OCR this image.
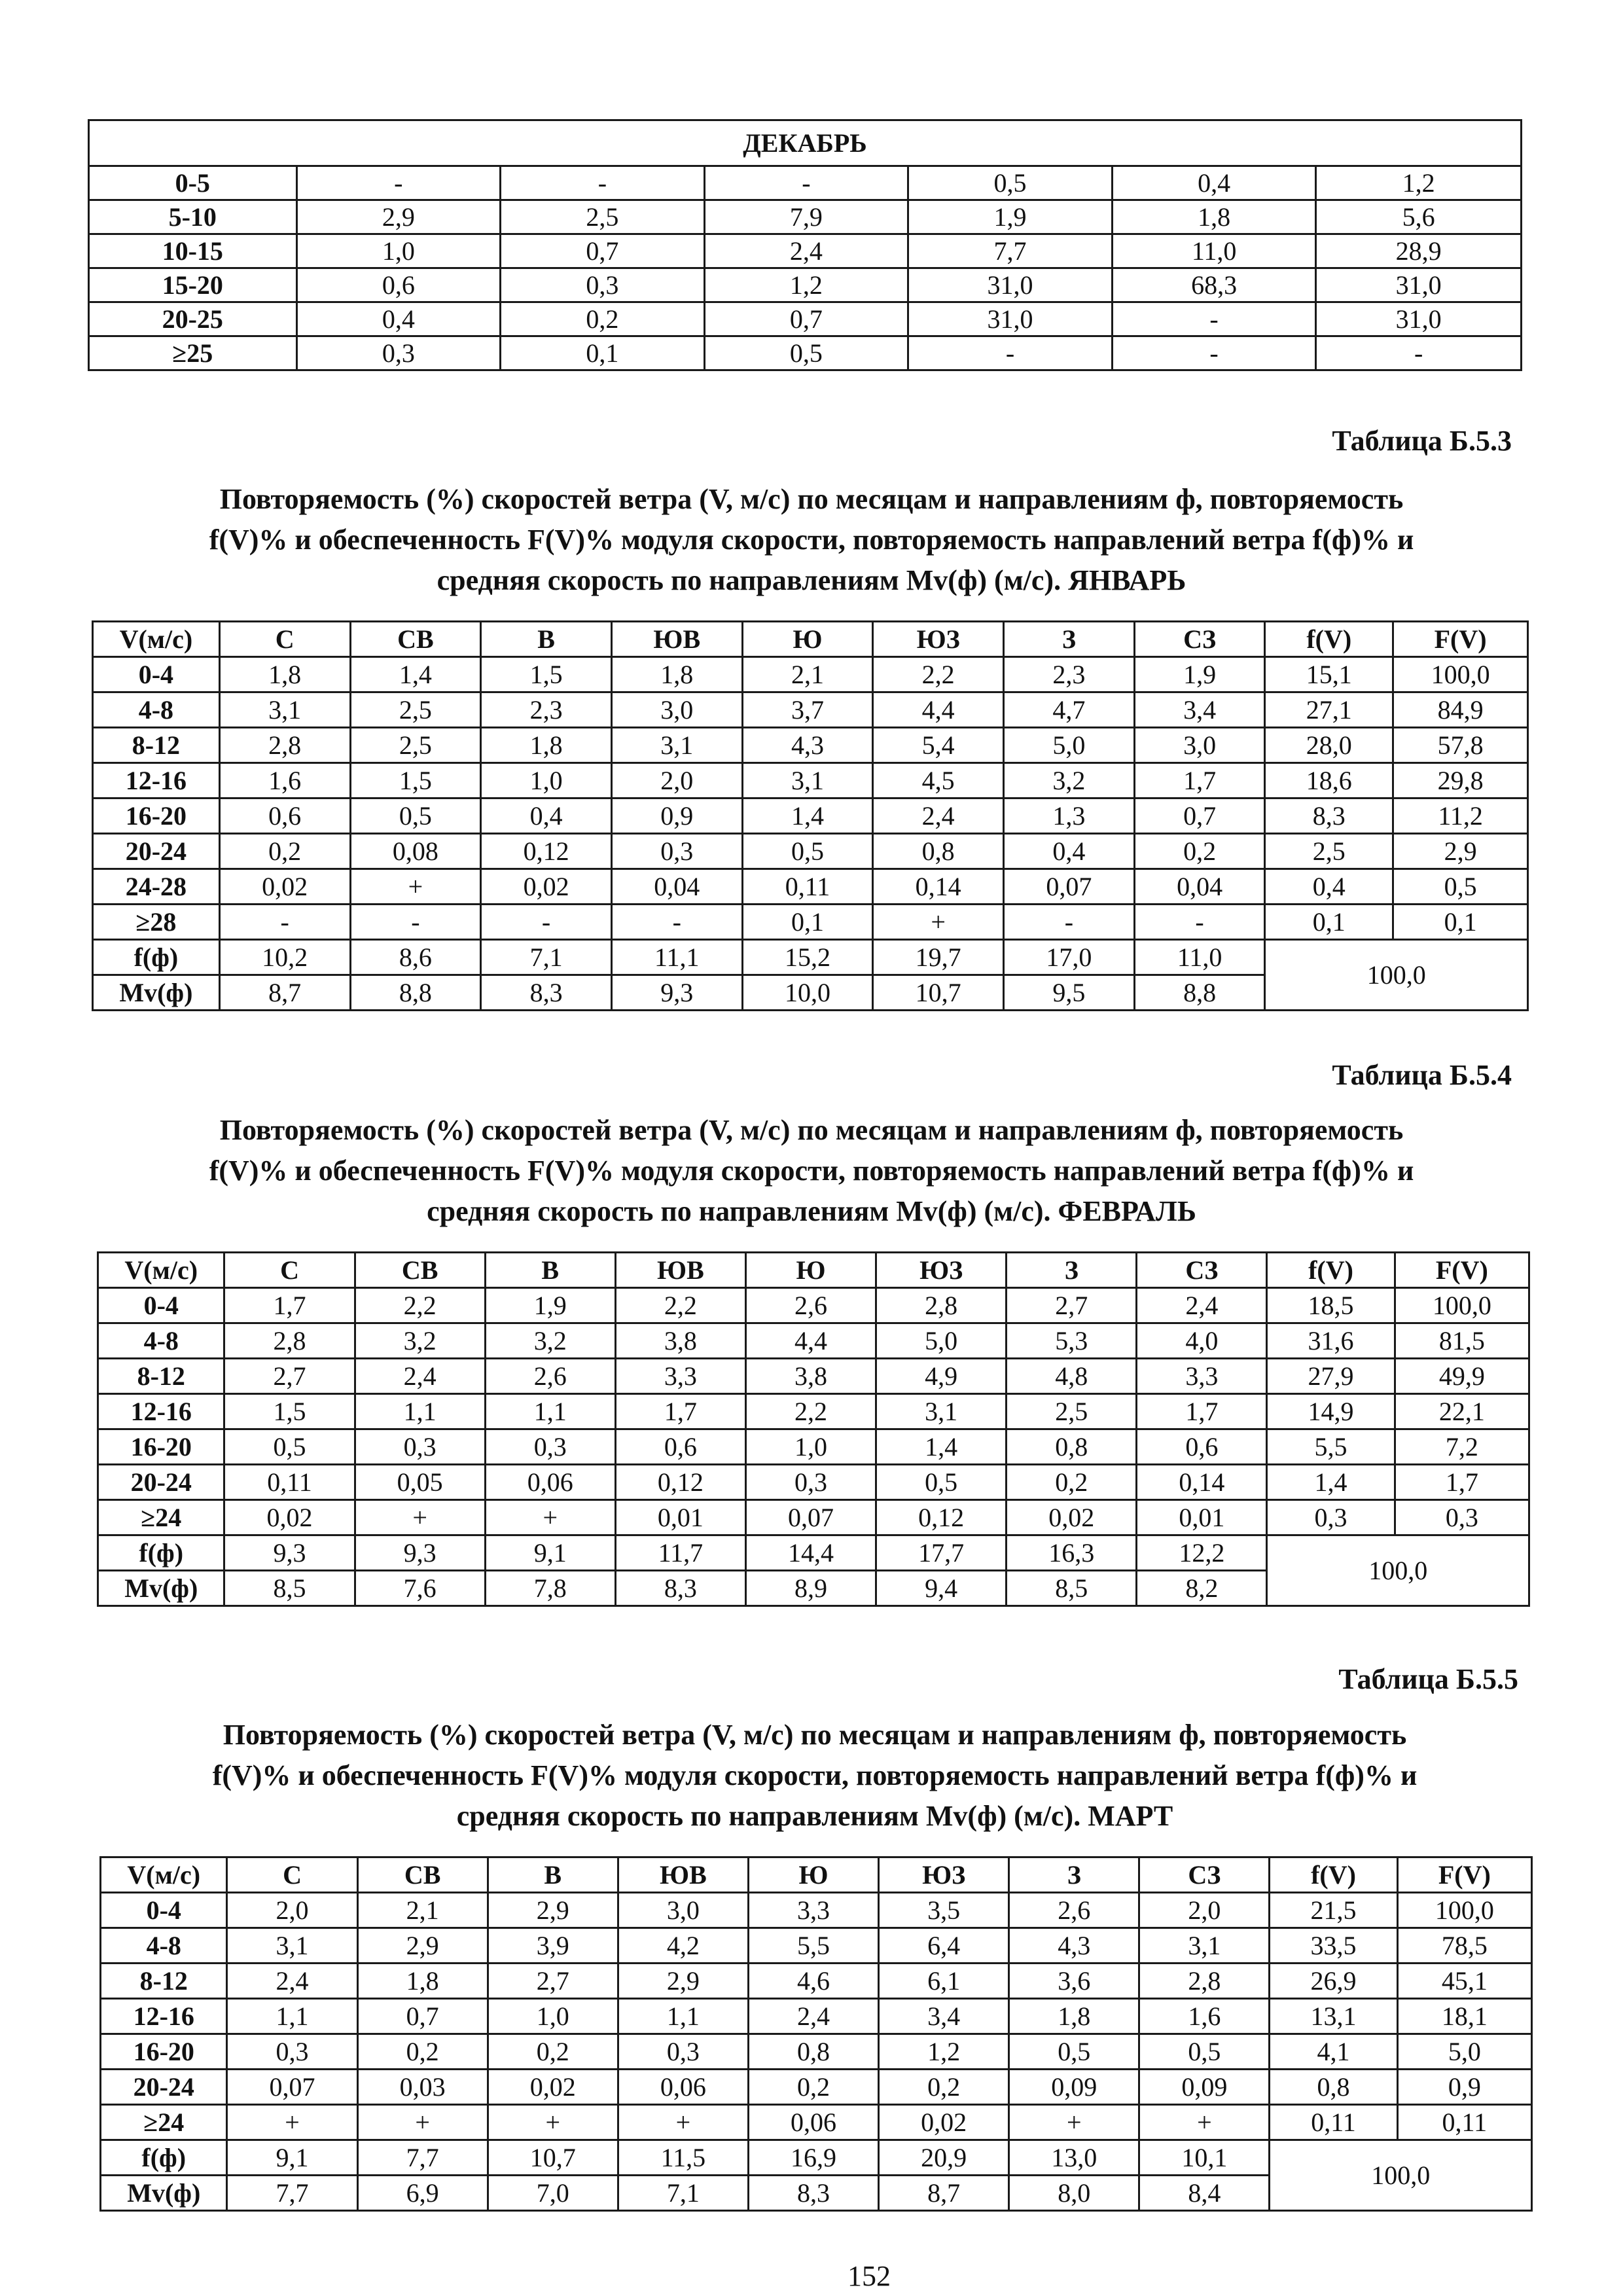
ДЕКАБРЬ						
0-5	-	-	-	0,5	0,4	1,2
5-10	2,9	2,5	7,9	1,9	1,8	5,6
10-15	1,0	0,7	2,4	7,7	11,0	28,9
15-20	0,6	0,3	1,2	31,0	68,3	31,0
20-25	0,4	0,2	0,7	31,0	-	31,0
≥25	0,3	0,1	0,5	-	-	-
Таблица Б.5.3
Повторяемость (%) скоростей ветра (V, м/с) по месяцам и направлениям ф, повторяемость
f(V)% и обеспеченность F(V)% модуля скорости, повторяемость направлений ветра f(ф)% и
средняя скорость по направлениям Мv(ф) (м/с). ЯНВАРЬ
V(м/с)	С	СВ	В	ЮВ	Ю	ЮЗ	З	СЗ	f(V)	F(V)
0-4	1,8	1,4	1,5	1,8	2,1	2,2	2,3	1,9	15,1	100,0
4-8	3,1	2,5	2,3	3,0	3,7	4,4	4,7	3,4	27,1	84,9
8-12	2,8	2,5	1,8	3,1	4,3	5,4	5,0	3,0	28,0	57,8
12-16	1,6	1,5	1,0	2,0	3,1	4,5	3,2	1,7	18,6	29,8
16-20	0,6	0,5	0,4	0,9	1,4	2,4	1,3	0,7	8,3	11,2
20-24	0,2	0,08	0,12	0,3	0,5	0,8	0,4	0,2	2,5	2,9
24-28	0,02	+	0,02	0,04	0,11	0,14	0,07	0,04	0,4	0,5
≥28	-	-	-	-	0,1	+	-	-	0,1	0,1
f(ф)	10,2	8,6	7,1	11,1	15,2	19,7	17,0	11,0	100,0	
Мv(ф)	8,7	8,8	8,3	9,3	10,0	10,7	9,5	8,8		
Таблица Б.5.4
Повторяемость (%) скоростей ветра (V, м/с) по месяцам и направлениям ф, повторяемость
f(V)% и обеспеченность F(V)% модуля скорости, повторяемость направлений ветра f(ф)% и
средняя скорость по направлениям Мv(ф) (м/с). ФЕВРАЛЬ
V(м/с)	С	СВ	В	ЮВ	Ю	ЮЗ	З	СЗ	f(V)	F(V)
0-4	1,7	2,2	1,9	2,2	2,6	2,8	2,7	2,4	18,5	100,0
4-8	2,8	3,2	3,2	3,8	4,4	5,0	5,3	4,0	31,6	81,5
8-12	2,7	2,4	2,6	3,3	3,8	4,9	4,8	3,3	27,9	49,9
12-16	1,5	1,1	1,1	1,7	2,2	3,1	2,5	1,7	14,9	22,1
16-20	0,5	0,3	0,3	0,6	1,0	1,4	0,8	0,6	5,5	7,2
20-24	0,11	0,05	0,06	0,12	0,3	0,5	0,2	0,14	1,4	1,7
≥24	0,02	+	+	0,01	0,07	0,12	0,02	0,01	0,3	0,3
f(ф)	9,3	9,3	9,1	11,7	14,4	17,7	16,3	12,2	100,0	
Мv(ф)	8,5	7,6	7,8	8,3	8,9	9,4	8,5	8,2		
Таблица Б.5.5
Повторяемость (%) скоростей ветра (V, м/с) по месяцам и направлениям ф, повторяемость
f(V)% и обеспеченность F(V)% модуля скорости, повторяемость направлений ветра f(ф)% и
средняя скорость по направлениям Мv(ф) (м/с). МАРТ
V(м/с)	С	СВ	В	ЮВ	Ю	ЮЗ	З	СЗ	f(V)	F(V)
0-4	2,0	2,1	2,9	3,0	3,3	3,5	2,6	2,0	21,5	100,0
4-8	3,1	2,9	3,9	4,2	5,5	6,4	4,3	3,1	33,5	78,5
8-12	2,4	1,8	2,7	2,9	4,6	6,1	3,6	2,8	26,9	45,1
12-16	1,1	0,7	1,0	1,1	2,4	3,4	1,8	1,6	13,1	18,1
16-20	0,3	0,2	0,2	0,3	0,8	1,2	0,5	0,5	4,1	5,0
20-24	0,07	0,03	0,02	0,06	0,2	0,2	0,09	0,09	0,8	0,9
≥24	+	+	+	+	0,06	0,02	+	+	0,11	0,11
f(ф)	9,1	7,7	10,7	11,5	16,9	20,9	13,0	10,1	100,0	
Мv(ф)	7,7	6,9	7,0	7,1	8,3	8,7	8,0	8,4		
152
